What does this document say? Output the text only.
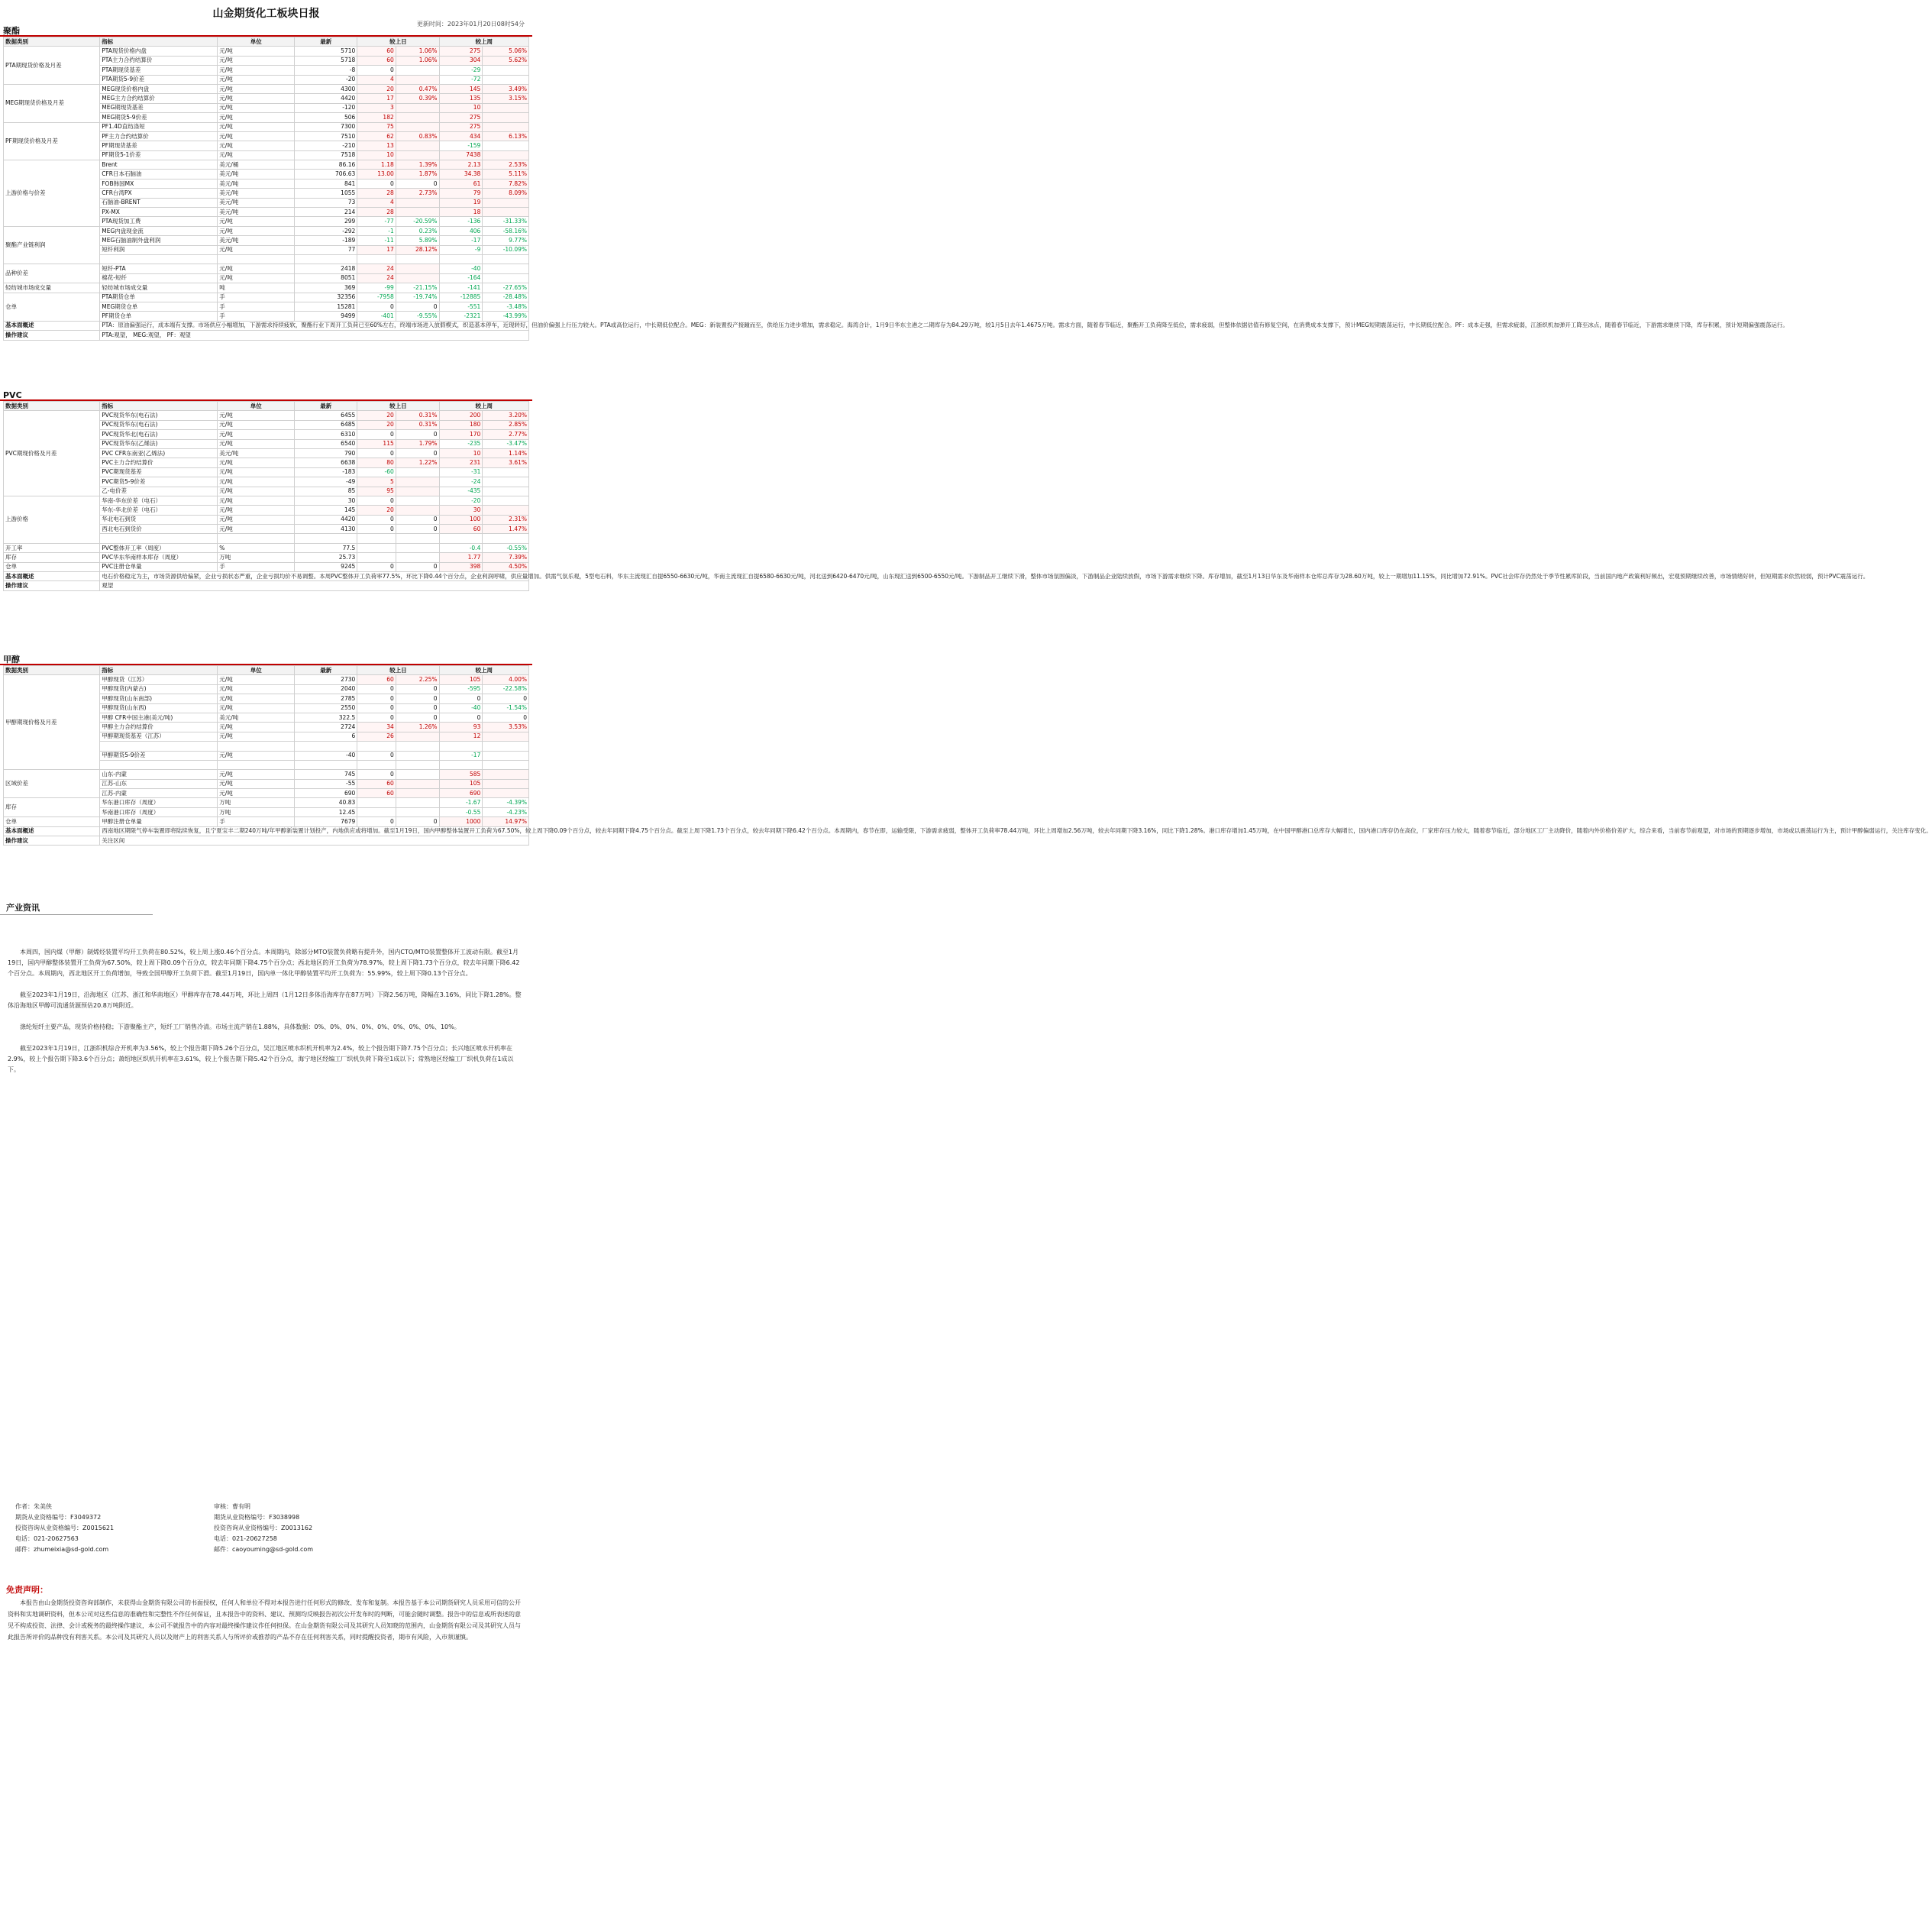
山金期货化工板块日报
更新时间：2023年01月20日08时54分
聚酯
数据类别	指标	单位	最新	较上日		较上周	
PTA期现货价格及月差	PTA现货价格内盘	元/吨	5710	60	1.06%	275	5.06%
	PTA主力合约结算价	元/吨	5718	60	1.06%	304	5.62%
	PTA期现货基差	元/吨	-8	0		-29	
	PTA期货5-9价差	元/吨	-20	4		-72	
MEG期现货价格及月差	MEG现货价格内盘	元/吨	4300	20	0.47%	145	3.49%
	MEG主力合约结算价	元/吨	4420	17	0.39%	135	3.15%
	MEG期现货基差	元/吨	-120	3		10	
	MEG期货5-9价差	元/吨	506	182		275	
PF期现货价格及月差	PF1.4D直纺涤短	元/吨	7300	75		275	
	PF主力合约结算价	元/吨	7510	62	0.83%	434	6.13%
	PF期现货基差	元/吨	-210	13		-159	
	PF期货5-1价差	元/吨	7518	10		7438	
上游价格与价差	Brent	美元/桶	86.16	1.18	1.39%	2.13	2.53%
	CFR日本石脑油	美元/吨	706.63	13.00	1.87%	34.38	5.11%
	FOB韩国MX	美元/吨	841	0	0	61	7.82%
	CFR台湾PX	美元/吨	1055	28	2.73%	79	8.09%
	石脑油-BRENT	美元/吨	73	4		19	
	PX-MX	美元/吨	214	28		18	
	PTA现货加工费	元/吨	299	-77	-20.59%	-136	-31.33%
聚酯产业链利润	MEG内盘现金流	元/吨	-292	-1	0.23%	406	-58.16%
	MEG石脑油制外盘利润	美元/吨	-189	-11	5.89%	-17	9.77%
	短纤利润	元/吨	77	17	28.12%	-9	-10.09%

品种价差	短纤-PTA	元/吨	2418	24		-40	
	棉花-短纤	元/吨	8051	24		-164	
轻纺城市场成交量	轻纺城市场成交量	吨	369	-99	-21.15%	-141	-27.65%
仓单	PTA期货仓单	手	32356	-7958	-19.74%	-12885	-28.48%
	MEG期货仓单	手	15281	0	0	-551	-3.48%
	PF期货仓单	手	9499	-401	-9.55%	-2321	-43.99%
基本面概述	PTA：原油偏强运行，成本端有支撑。市场供应小幅增加，下游需求持续疲软，聚酯行业下周开工负荷已至60%左右，终端市场进入放假模式，织造基本停车，近现转好，但油价偏强上行压力较大。PTA或高位运行，中长期低位配合。MEG：新装置投产接踵而至，供给压力进步增加，需求稳定。海湾合计，1月9日华东主港之二期库存为84.29万吨，较1月5日去年1.4675万吨。需求方面，随着春节临近，聚酯开工负荷降至低位，需求疲弱，但整体依据估值有修复空间，在消费成本支撑下，预计MEG短期震荡运行，中长期低位配合。PF：成本走强，但需求疲弱，江浙织机加弹开工降至冰点，随着春节临近，下游需求继续下降，库存积累，预计短期偏强震荡运行。						
操作建议	PTA:观望， MEG:观望， PF：观望						
PVC
数据类别	指标	单位	最新	较上日		较上周	
PVC期现价格及月差	PVC现货华东(电石法)	元/吨	6455	20	0.31%	200	3.20%
	PVC现货华东(电石法)	元/吨	6485	20	0.31%	180	2.85%
	PVC现货华北(电石法)	元/吨	6310	0	0	170	2.77%
	PVC现货华东(乙烯法)	元/吨	6540	115	1.79%	-235	-3.47%
	PVC CFR东南亚(乙烯法)	美元/吨	790	0	0	10	1.14%
	PVC主力合约结算价	元/吨	6638	80	1.22%	231	3.61%
	PVC期现货基差	元/吨	-183	-60		-31	
	PVC期货5-9价差	元/吨	-49	5		-24	
	乙-电价差	元/吨	85	95		-435	
上游价格	华南-华东价差（电石）	元/吨	30	0		-20	
	华东-华北价差（电石）	元/吨	145	20		30	
	华北电石到货	元/吨	4420	0	0	100	2.31%
	西北电石到货价	元/吨	4130	0	0	60	1.47%

开工率	PVC整体开工率（周度）	%	77.5			-0.4	-0.55%
库存	PVC华东华南样本库存（周度）	万吨	25.73			1.77	7.39%
仓单	PVC注册仓单量	手	9245	0	0	398	4.50%
基本面概述	电石价格稳定为主，市场货源供给偏紧，企业亏损状态严重，企业亏损均价不易调整。本周PVC整体开工负荷率77.5%，环比下降0.44个百分点，企业利润呼啸，供应量增加。供需气氛乐观，5型电石料，华东主流现汇自提6550-6630元/吨，华南主流现汇自提6580-6630元/吨，河北送到6420-6470元/吨，山东现汇送到6500-6550元/吨。下游制品开工继续下滑，整体市场氛围偏淡，下游制品企业陆续放假，市场下游需求继续下降。库存增加，截至1月13日华东及华南样本仓库总库存为28.60万吨，较上一期增加11.15%，同比增加72.91%。PVC社会库存仍然处于季节性累库阶段，当前国内地产政策利好频出，宏观预期继续改善，市场情绪好转，但短期需求依然较弱，预计PVC震荡运行。						
操作建议	观望						
甲醇
数据类别	指标	单位	最新	较上日		较上周	
甲醇期现价格及月差	甲醇现货（江苏）	元/吨	2730	60	2.25%	105	4.00%
	甲醇现货(内蒙古)	元/吨	2040	0	0	-595	-22.58%
	甲醇现货(山东南部)	元/吨	2785	0	0	0	0
	甲醇现货(山东西)	元/吨	2550	0	0	-40	-1.54%
	甲醇 CFR中国主港(美元/吨)	美元/吨	322.5	0	0	0	0
	甲醇主力合约结算价	元/吨	2724	34	1.26%	93	3.53%
	甲醇期现货基差（江苏）	元/吨	6	26		12	

	甲醇期货5-9价差	元/吨	-40	0		-17	

区域价差	山东-内蒙	元/吨	745	0		585	
	江苏-山东	元/吨	-55	60		105	
	江苏-内蒙	元/吨	690	60		690	
库存	华东港口库存（周度）	万吨	40.83			-1.67	-4.39%
	华南港口库存（周度）	万吨	12.45			-0.55	-4.23%
仓单	甲醇注册仓单量	手	7679	0	0	1000	14.97%
基本面概述	西南地区期限气停车装置即将陆续恢复，且宁夏宝丰二期240万吨/年甲醇新装置计划投产，内地供应或将增加。截至1月19日，国内甲醇整体装置开工负荷为67.50%，较上周下降0.09个百分点，较去年同期下降4.75个百分点。截至上周下降1.73个百分点，较去年同期下降6.42个百分点。本周期内，春节在即，运输受限，下游需求疲弱，整体开工负荷率78.44万吨，环比上周增加2.56万吨，较去年同期下降3.16%，同比下降1.28%。港口库存增加1.45万吨，在中国甲醇港口总库存大幅增长，国内港口库存仍在高位，厂家库存压力较大，随着春节临近，部分地区工厂主动降价，随着内外价格价差扩大，综合来看，当前春节前观望，对市场的预期逐步增加，市场或以震荡运行为主，预计甲醇偏弱运行，关注库存变化。						
操作建议	关注区间						
产业资讯

本周四，国内煤（甲醇）制烯烃装置平均开工负荷在80.52%，较上周上涨0.46个百分点。本周期内，除部分MTO装置负荷略有提升外，国内CTO/MTO装置整体开工波动有限。截至1月19日，国内甲醇整体装置开工负荷为67.50%，较上周下降0.09个百分点，较去年同期下降4.75个百分点；西北地区的开工负荷为78.97%，较上周下降1.73个百分点，较去年同期下降6.42个百分点。本周期内，西北地区开工负荷增加，导致全国甲醇开工负荷下滑。截至1月19日，国内单一体化甲醇装置平均开工负荷为：55.99%，较上周下降0.13个百分点。

截至2023年1月19日，沿海地区（江苏、浙江和华南地区）甲醇库存在78.44万吨，环比上周四（1月12日多体沿海库存在87万吨）下降2.56万吨，降幅在3.16%，同比下降1.28%。整体沿海地区甲醇可流通货源预估20.8万吨附近。

涤纶短纤主要产品，现货价格持稳；下游聚酯主产，短纤工厂销售冷清。市场主流产销在1.88%，具体数据：0%、0%、0%、0%、0%、0%、0%、0%、10%。

截至2023年1月19日，江浙织机综合开机率为3.56%，较上个报告期下降5.26个百分点，吴江地区喷水织机开机率为2.4%，较上个报告期下降7.75个百分点；长兴地区喷水开机率在2.9%，较上个报告期下降3.6个百分点；萧绍地区织机开机率在3.61%，较上个报告期下降5.42个百分点，海宁地区经编工厂织机负荷下降至1成以下；常熟地区经编工厂织机负荷在1成以下。

作者：朱美侠
期货从业资格编号：F3049372
投资咨询从业资格编号：Z0015621
电话：021-20627563
邮件：zhumeixia@sd-gold.com
审核：曹有明
期货从业资格编号：F3038998
投资咨询从业资格编号：Z0013162
电话：021-20627258
邮件：caoyouming@sd-gold.com
免责声明：

本报告由山金期货投资咨询部制作，未获得山金期货有限公司的书面授权，任何人和单位不得对本报告进行任何形式的修改、发布和复制。本报告基于本公司期货研究人员采用可信的公开资料和实地调研资料，但本公司对这些信息的准确性和完整性不作任何保证，且本报告中的资料、建议、预测均反映报告初次公开发布时的判断，可能会随时调整。报告中的信息或所表述的意见不构成投资、法律、会计或税务的最终操作建议，本公司不就报告中的内容对最终操作建议作任何担保。在山金期货有限公司及其研究人员知晓的范围内，山金期货有限公司及其研究人员与此报告所评价的品种没有利害关系。本公司及其研究人员以及财产上的利害关系人与所评价或推荐的产品不存在任何利害关系，同时提醒投资者，期市有风险，入市须谨慎。
